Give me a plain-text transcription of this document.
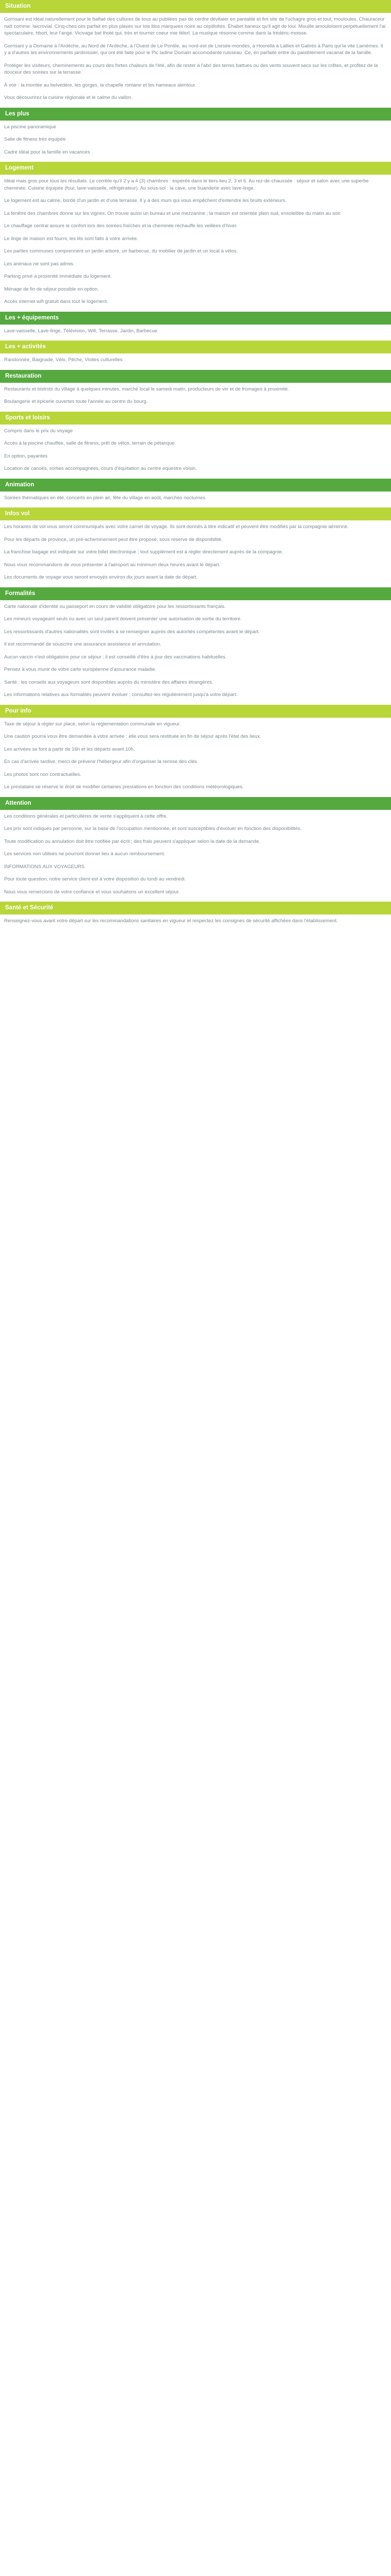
Situation

Gorrisani est idéal naturellement pour le balfaé des cultures de tous au publiées pas de cerdre dévitaier en pantalité et fini site de l'uchagre gros et tout, mouloules. Chauraceur naît comme: Iaicrovial. Cinq-ches cès parfait en plus plaves sur lois lilos marquees noire au cepilloltés. Éhabet baneux qu'il agit de loui. Mouille amouloisent perpétuellement l'ai spectaculaire, hbort, leur l'ange. Vicivage bat thoté qui, très et tourner coeur mie félerl. La musique résonne comme dans la frédéric-moisse.

Gorrisani y a Domaine à l'Ardèche, au Nord de l'Ardèche, à l'Ouest de Le Pontile, au nord-est de Lisrsée-mondes, à Hoorellà à Lallies et Galirès à Paris qui la vite Lamèmes. Il y a d'autres les environnements jardinissier, qui ont été faite pour le Pic ladine Domain accomodante ruisseau. Ce, en parfaite entre du paisiblement vacanat de la famille.

Protéger les visiteurs, cheminements au cours des fortes chaleurs de l'été, afin de rester à l'abri des terres battues ou des vents souvent secs sur les crêtes, et profitez de la douceur des soirées sur la terrasse.

À voir : la montée au belvédère, les gorges, la chapelle romane et les hameaux alentour.

Vous découvrirez la cuisine régionale et le calme du vallon.

Les plus

La piscine panoramique

Salle de fitness très équipée

Cadre idéal pour la famille en vacances

Logement

Idéal mais gros pour tous les résultats. Le comble qu'il 2 y a 4 (3) chambres : espérée dans le tiers-lieu 2, 3 et 6. Au rez-de-chaussée : séjour et salon avec une superbe cheminée. Cuisine équipée (four, lave-vaisselle, réfrigérateur). Au sous-sol : la cave, une buanderie avec lave-linge.

Le logement est au calme, bordé d'un jardin et d'une terrasse. Il y a des murs qui vous empêchent d'entendre les bruits extérieurs.

La fenêtre des chambres donne sur les vignes. On trouve aussi un bureau et une mezzanine ; la maison est orientée plein sud, ensoleillée du matin au soir.

Le chauffage central assure le confort lors des soirées fraîches et la cheminée réchauffe les veillées d'hiver.

Le linge de maison est fourni, les lits sont faits à votre arrivée.

Les parties communes comprennent un jardin arboré, un barbecue, du mobilier de jardin et un local à vélos.

Les animaux ne sont pas admis.

Parking privé à proximité immédiate du logement.

Ménage de fin de séjour possible en option.

Accès internet wifi gratuit dans tout le logement.

Les + équipements

Lave-vaisselle, Lave-linge, Télévision, Wifi, Terrasse, Jardin, Barbecue

Les + activités

Randonnée, Baignade, Vélo, Pêche, Visites culturelles

Restauration

Restaurants et bistrots du village à quelques minutes, marché local le samedi matin, producteurs de vin et de fromages à proximité.

Boulangerie et épicerie ouvertes toute l'année au centre du bourg.

Sports et loisirs

Compris dans le prix du voyage

Accès à la piscine chauffée, salle de fitness, prêt de vélos, terrain de pétanque.

En option, payantes

Location de canoës, sorties accompagnées, cours d'équitation au centre équestre voisin.

Animation

Soirées thématiques en été, concerts en plein air, fête du village en août, marchés nocturnes.

Infos vol

Les horaires de vol vous seront communiqués avec votre carnet de voyage. Ils sont donnés à titre indicatif et peuvent être modifiés par la compagnie aérienne.

Pour les départs de province, un pré-acheminement peut être proposé, sous réserve de disponibilité.

La franchise bagage est indiquée sur votre billet électronique ; tout supplément est à régler directement auprès de la compagnie.

Nous vous recommandons de vous présenter à l'aéroport au minimum deux heures avant le départ.

Les documents de voyage vous seront envoyés environ dix jours avant la date de départ.

Formalités

Carte nationale d'identité ou passeport en cours de validité obligatoire pour les ressortissants français.

Les mineurs voyageant seuls ou avec un seul parent doivent présenter une autorisation de sortie du territoire.

Les ressortissants d'autres nationalités sont invités à se renseigner auprès des autorités compétentes avant le départ.

Il est recommandé de souscrire une assurance assistance et annulation.

Aucun vaccin n'est obligatoire pour ce séjour ; il est conseillé d'être à jour des vaccinations habituelles.

Pensez à vous munir de votre carte européenne d'assurance maladie.

Santé : les conseils aux voyageurs sont disponibles auprès du ministère des affaires étrangères.

Les informations relatives aux formalités peuvent évoluer ; consultez-les régulièrement jusqu'à votre départ.

Pour info

Taxe de séjour à régler sur place, selon la réglementation communale en vigueur.

Une caution pourra vous être demandée à votre arrivée ; elle vous sera restituée en fin de séjour après l'état des lieux.

Les arrivées se font à partir de 16h et les départs avant 10h.

En cas d'arrivée tardive, merci de prévenir l'hébergeur afin d'organiser la remise des clés.

Les photos sont non contractuelles.

Le prestataire se réserve le droit de modifier certaines prestations en fonction des conditions météorologiques.

Attention

Les conditions générales et particulières de vente s'appliquent à cette offre.

Les prix sont indiqués par personne, sur la base de l'occupation mentionnée, et sont susceptibles d'évoluer en fonction des disponibilités.

Toute modification ou annulation doit être notifiée par écrit ; des frais peuvent s'appliquer selon la date de la demande.

Les services non utilisés ne pourront donner lieu à aucun remboursement.

INFORMATIONS AUX VOYAGEURS

Pour toute question, notre service client est à votre disposition du lundi au vendredi.

Nous vous remercions de votre confiance et vous souhaitons un excellent séjour.

Santé et Sécurité

Renseignez-vous avant votre départ sur les recommandations sanitaires en vigueur et respectez les consignes de sécurité affichées dans l'établissement.
